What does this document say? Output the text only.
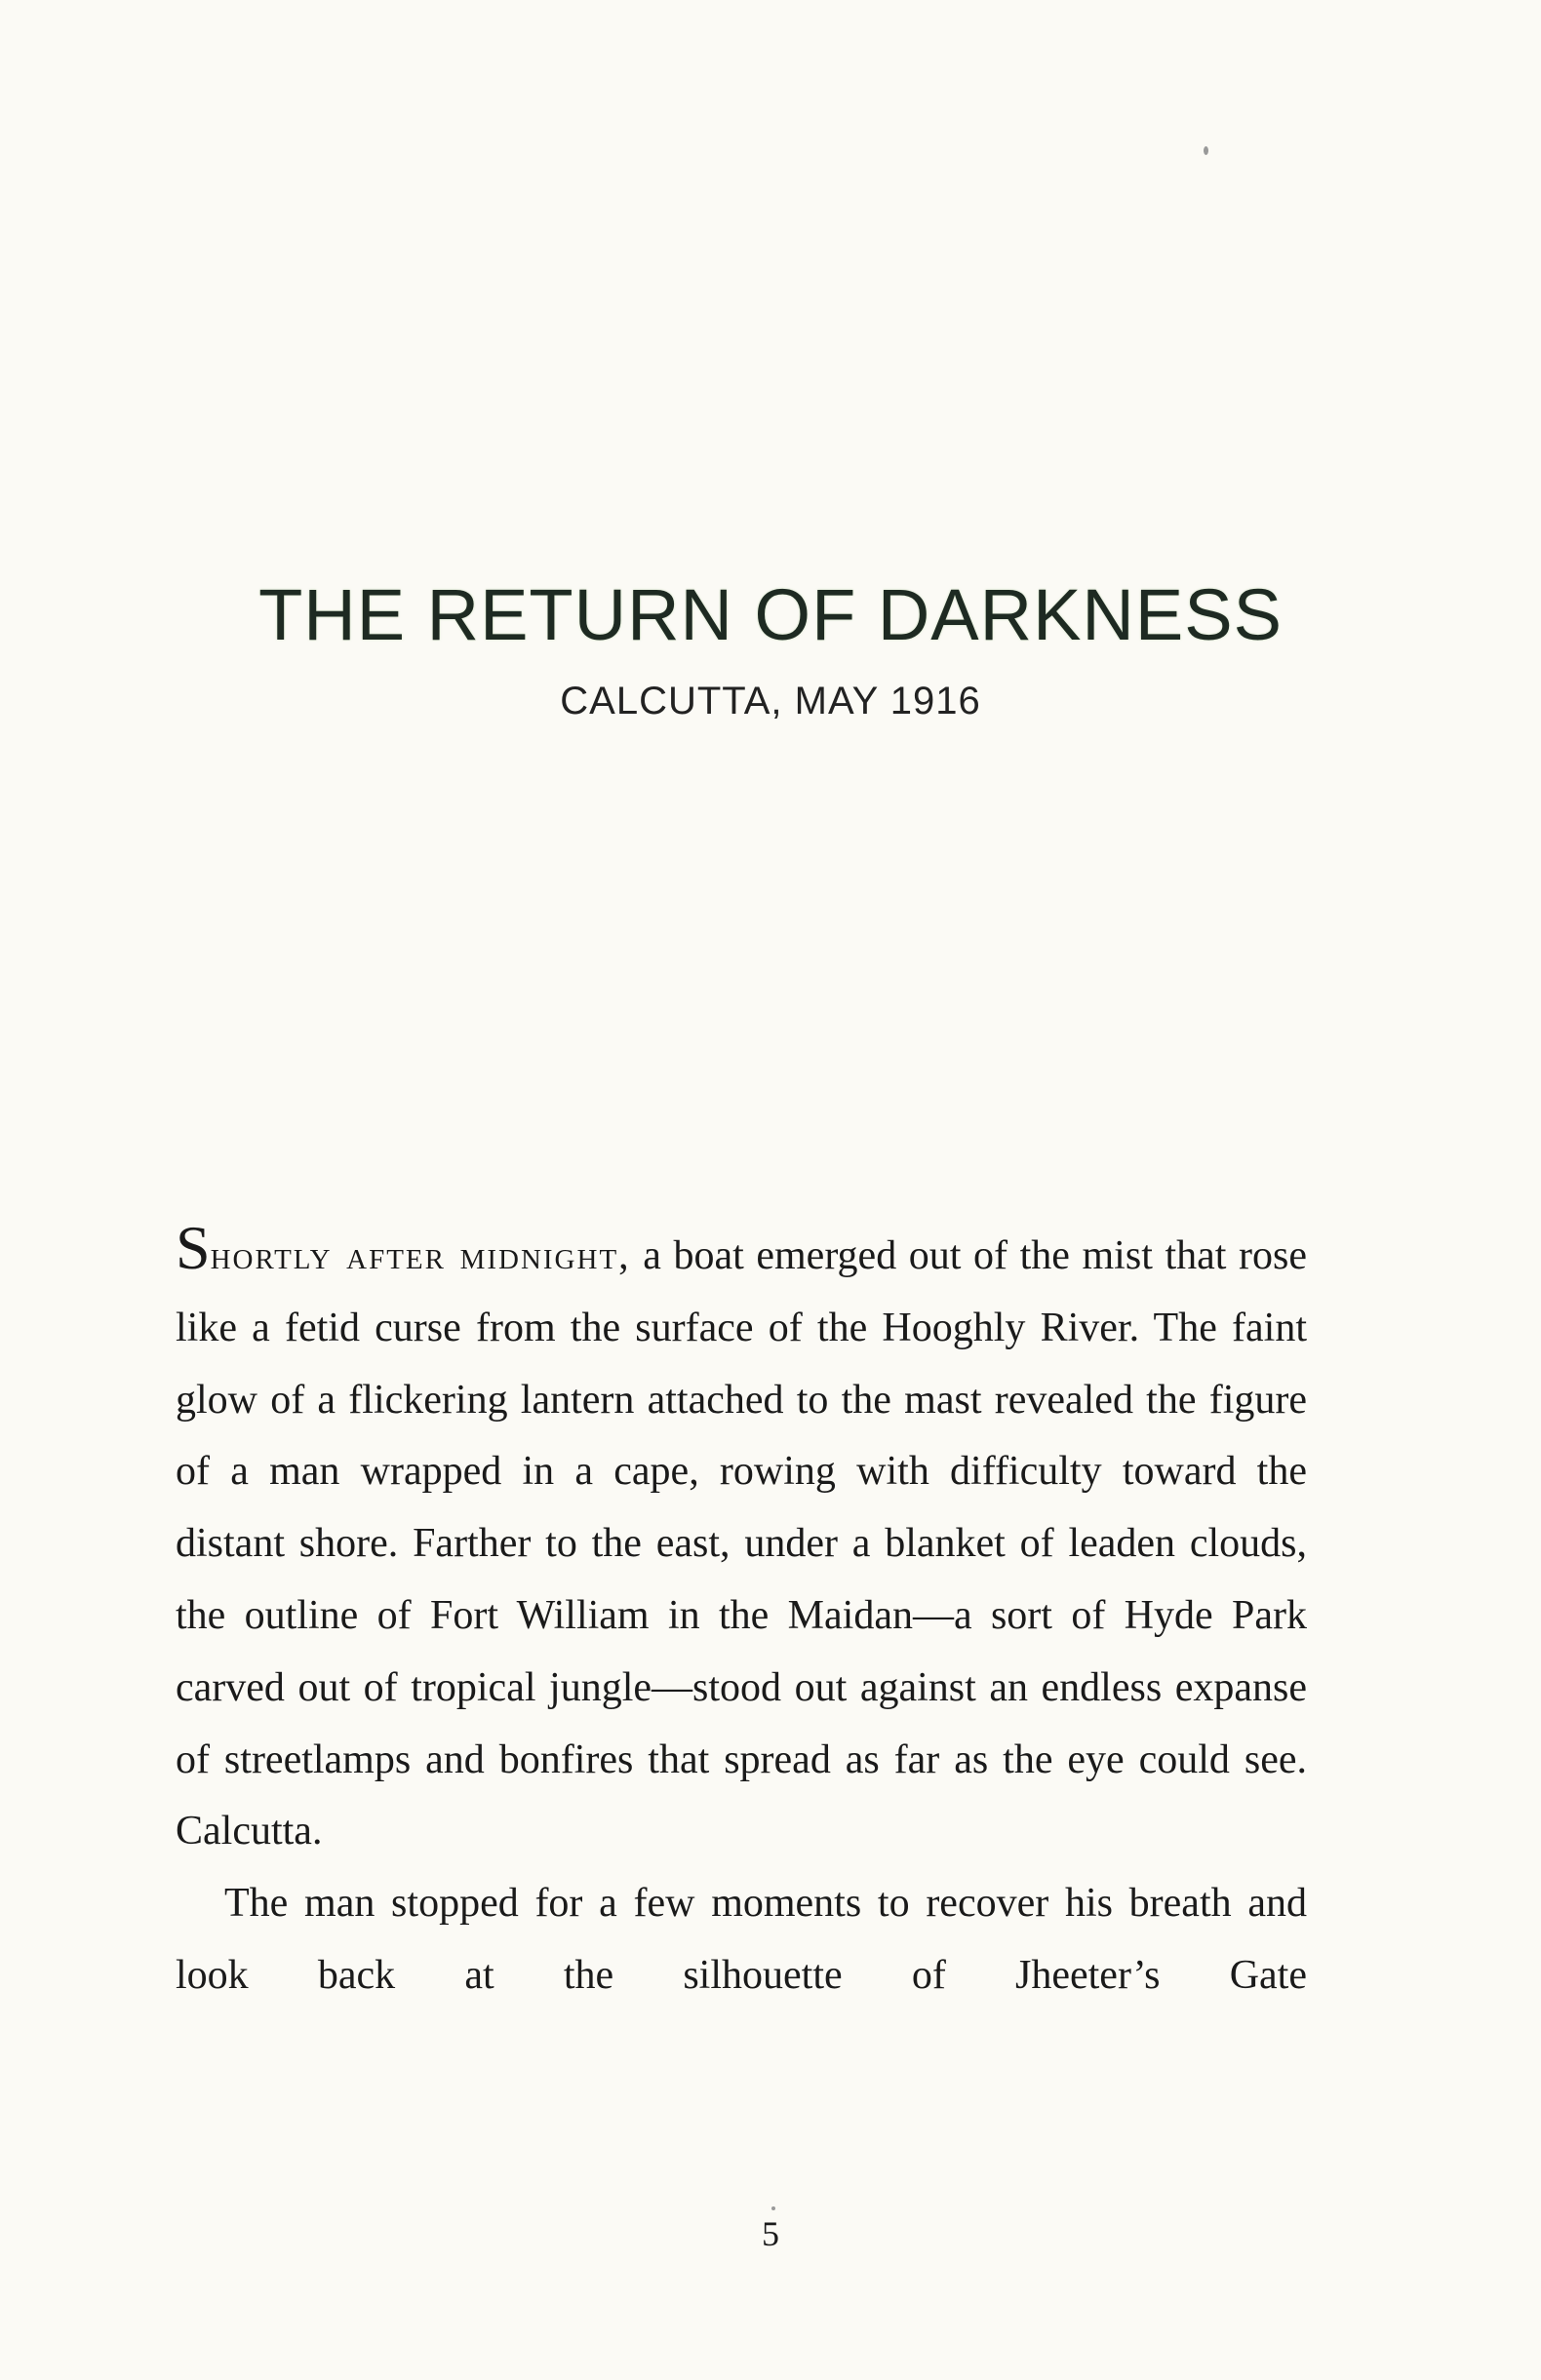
THE RETURN OF DARKNESS
CALCUTTA, MAY 1916

Shortly after midnight, a boat emerged out of the mist that rose like a fetid curse from the surface of the Hooghly River. The faint glow of a flickering lantern attached to the mast revealed the figure of a man wrapped in a cape, rowing with difficulty toward the distant shore. Farther to the east, under a blanket of leaden clouds, the outline of Fort William in the Maidan—a sort of Hyde Park carved out of tropical jungle—stood out against an endless expanse of streetlamps and bonfires that spread as far as the eye could see. Calcutta.

The man stopped for a few moments to recover his breath and look back at the silhouette of Jheeter’s Gate

5
